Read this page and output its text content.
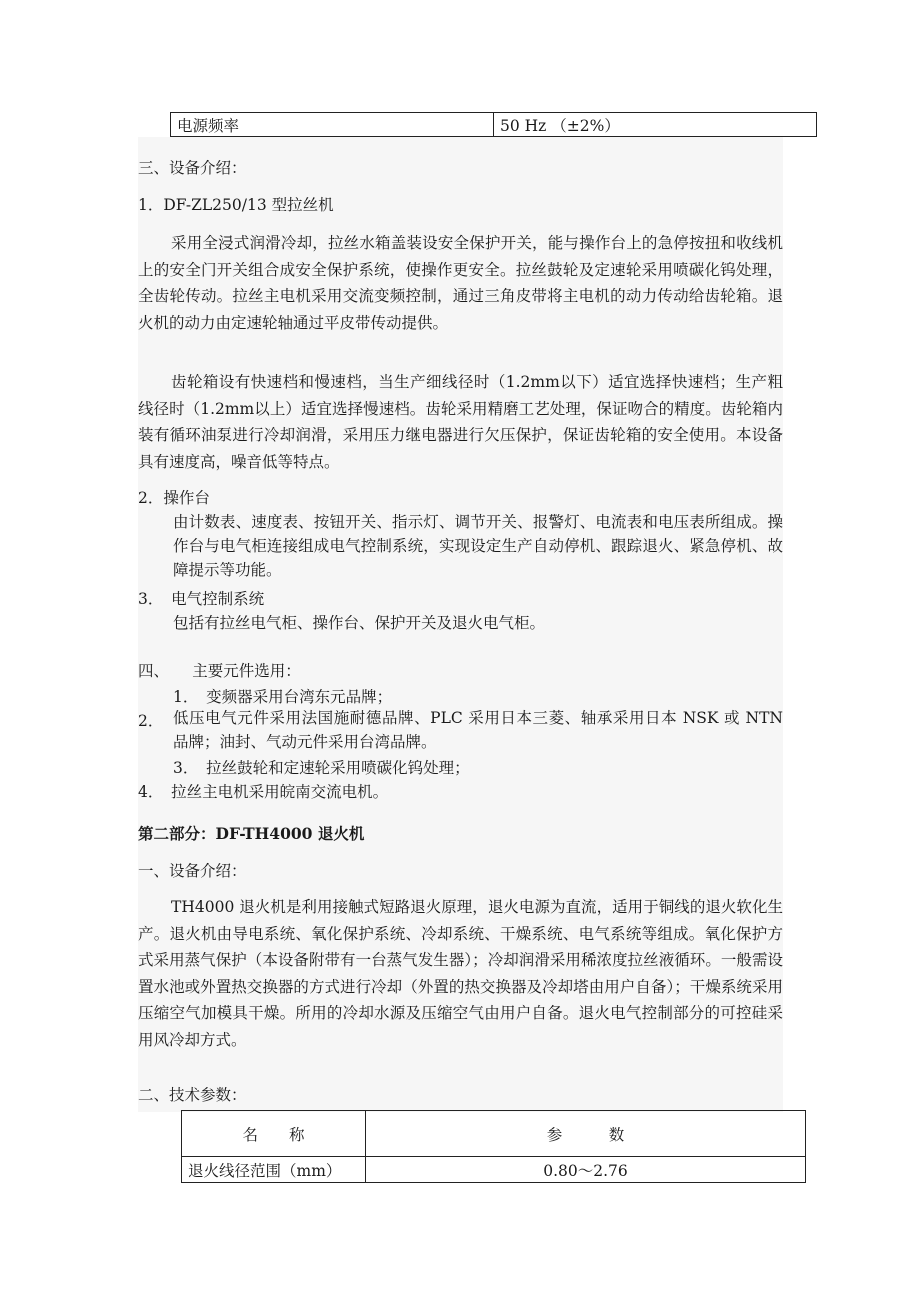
电源频率	50 Hz （±2%）
三、设备介绍：
1．DF-ZL250/13 型拉丝机
采用全浸式润滑冷却，拉丝水箱盖装设安全保护开关，能与操作台上的急停按扭和收线机上的安全门开关组合成安全保护系统，使操作更安全。拉丝鼓轮及定速轮采用喷碳化钨处理，全齿轮传动。拉丝主电机采用交流变频控制，通过三角皮带将主电机的动力传动给齿轮箱。退火机的动力由定速轮轴通过平皮带传动提供。
齿轮箱设有快速档和慢速档，当生产细线径时（1.2mm以下）适宜选择快速档；生产粗线径时（1.2mm以上）适宜选择慢速档。齿轮采用精磨工艺处理，保证吻合的精度。齿轮箱内装有循环油泵进行冷却润滑，采用压力继电器进行欠压保护，保证齿轮箱的安全使用。本设备具有速度高，噪音低等特点。
2．操作台
由计数表、速度表、按钮开关、指示灯、调节开关、报警灯、电流表和电压表所组成。操作台与电气柜连接组成电气控制系统，实现设定生产自动停机、跟踪退火、紧急停机、故障提示等功能。
3．　电气控制系统
包括有拉丝电气柜、操作台、保护开关及退火电气柜。
四、　　主要元件选用：
1．　变频器采用台湾东元品牌；
2． 低压电气元件采用法国施耐德品牌、PLC 采用日本三菱、轴承采用日本 NSK 或 NTN 品牌；油封、气动元件采用台湾品牌。
3．　拉丝鼓轮和定速轮采用喷碳化钨处理；
4．　拉丝主电机采用皖南交流电机。
第二部分：DF-TH4000 退火机
一、设备介绍：
TH4000 退火机是利用接触式短路退火原理，退火电源为直流，适用于铜线的退火软化生产。退火机由导电系统、氧化保护系统、冷却系统、干燥系统、电气系统等组成。氧化保护方式采用蒸气保护（本设备附带有一台蒸气发生器）；冷却润滑采用稀浓度拉丝液循环。一般需设置水池或外置热交换器的方式进行冷却（外置的热交换器及冷却塔由用户自备）；干燥系统采用压缩空气加模具干燥。所用的冷却水源及压缩空气由用户自备。退火电气控制部分的可控硅采用风冷却方式。
二、技术参数：
名　　称	参　　　数
退火线径范围（mm）	0.80～2.76
